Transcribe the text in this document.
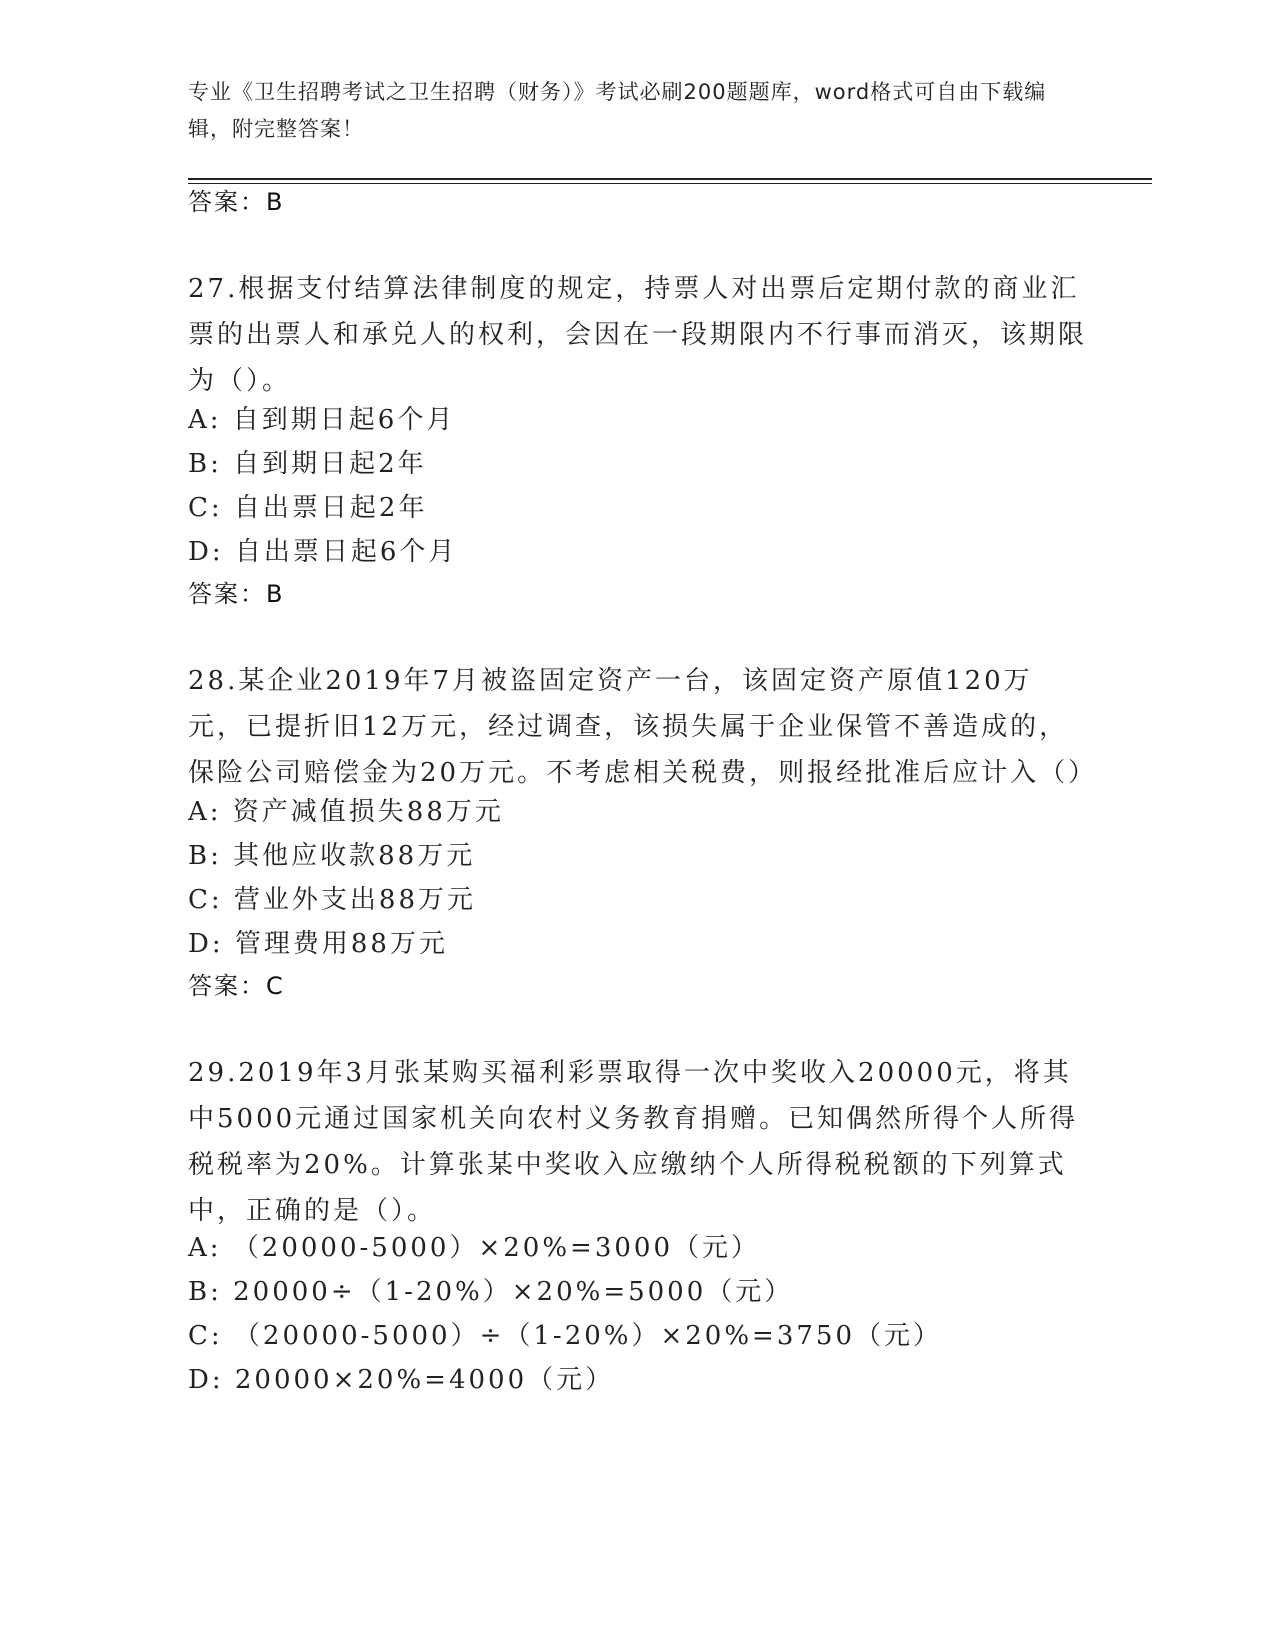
专业《卫生招聘考试之卫生招聘（财务）》考试必刷200题题库，word格式可自由下载编辑，附完整答案！
答案：B
27.根据支付结算法律制度的规定，持票人对出票后定期付款的商业汇票的出票人和承兑人的权利，会因在一段期限内不行事而消灭，该期限为（）。
A: 自到期日起6个月
B: 自到期日起2年
C: 自出票日起2年
D: 自出票日起6个月
答案：B
28.某企业2019年7月被盗固定资产一台，该固定资产原值120万元，已提折旧12万元，经过调查，该损失属于企业保管不善造成的，保险公司赔偿金为20万元。不考虑相关税费，则报经批准后应计入（）
A: 资产减值损失88万元
B: 其他应收款88万元
C: 营业外支出88万元
D: 管理费用88万元
答案：C
29.2019年3月张某购买福利彩票取得一次中奖收入20000元，将其中5000元通过国家机关向农村义务教育捐赠。已知偶然所得个人所得税税率为20%。计算张某中奖收入应缴纳个人所得税税额的下列算式中，正确的是（）。
A: （20000-5000）×20%=3000（元）
B: 20000÷（1-20%）×20%=5000（元）
C: （20000-5000）÷（1-20%）×20%=3750（元）
D: 20000×20%=4000（元）
